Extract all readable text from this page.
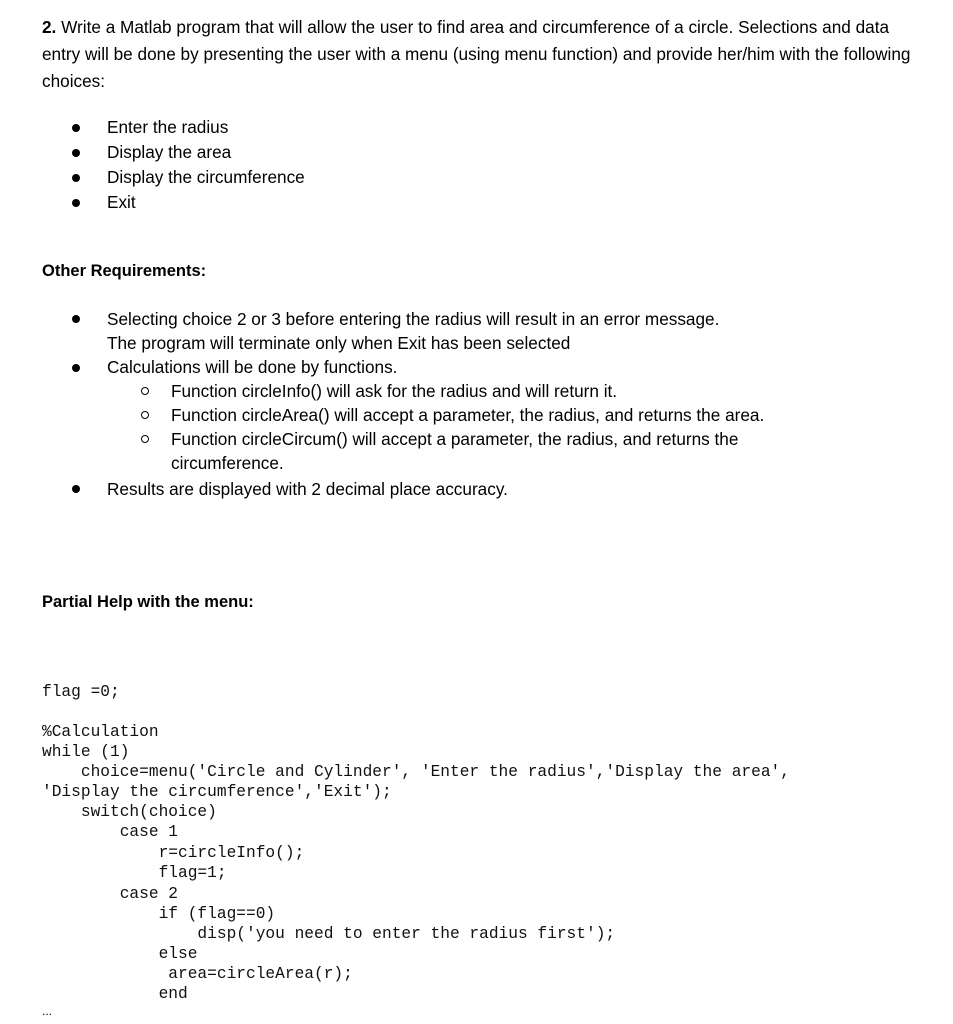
2. Write a Matlab program that will allow the user to find area and circumference of a circle. Selections and data entry will be done by presenting the user with a menu (using menu function) and provide her/him with the following choices:
Enter the radius
Display the area
Display the circumference
Exit
Other Requirements:
Selecting choice 2 or 3 before entering the radius will result in an error message.
The program will terminate only when Exit has been selected
Calculations will be done by functions.
Function circleInfo() will ask for the radius and will return it.
Function circleArea() will accept a parameter, the radius, and returns the area.
Function circleCircum() will accept a parameter, the radius, and returns the
circumference.
Results are displayed with 2 decimal place accuracy.
Partial Help with the menu:
flag =0;
%Calculation
while (1)
choice=menu('Circle and Cylinder', 'Enter the radius','Display the area',
'Display the circumference','Exit');
switch(choice)
case 1
r=circleInfo();
flag=1;
case 2
if (flag==0)
disp('you need to enter the radius first');
else
area=circleArea(r);
end
...
